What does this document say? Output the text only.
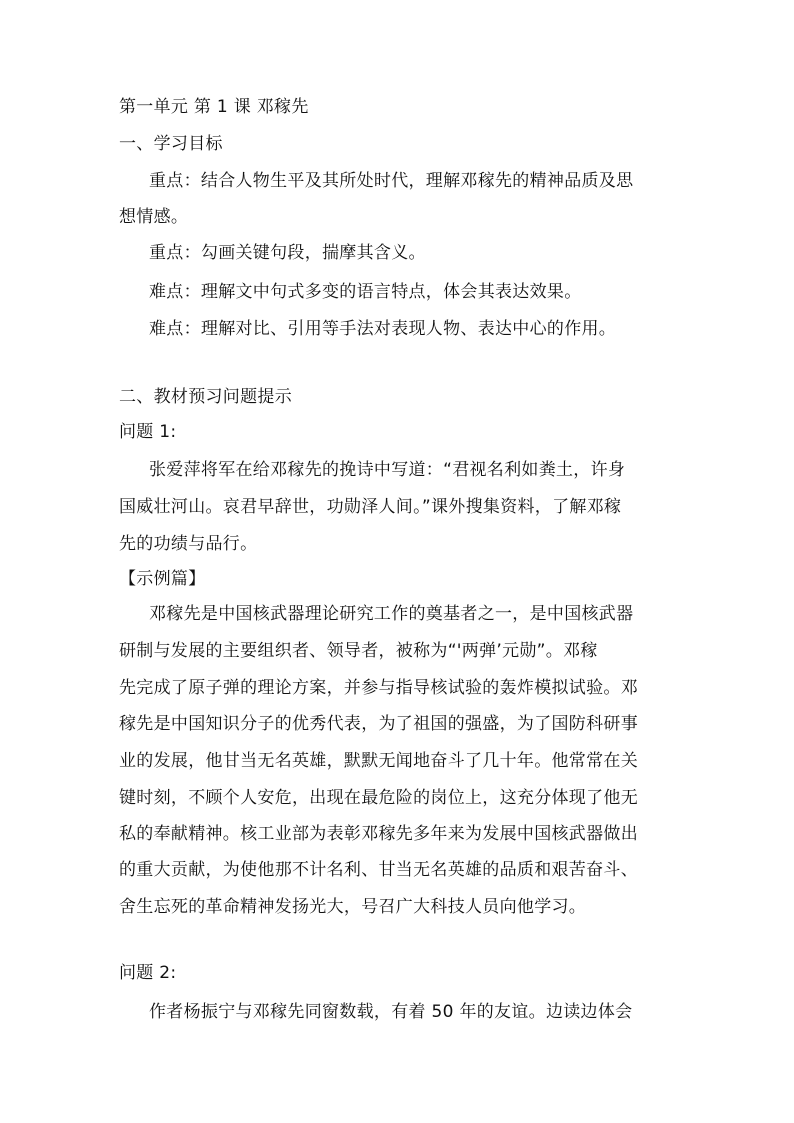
第一单元 第 1 课 邓稼先
一、学习目标
重点：结合人物生平及其所处时代，理解邓稼先的精神品质及思
想情感。
重点：勾画关键句段，揣摩其含义。
难点：理解文中句式多变的语言特点，体会其表达效果。
难点：理解对比、引用等手法对表现人物、表达中心的作用。
二、教材预习问题提示
问题 1:
张爱萍将军在给邓稼先的挽诗中写道：“君视名利如粪土，许身
国威壮河山。哀君早辞世，功勋泽人间。”课外搜集资料，了解邓稼
先的功绩与品行。
【示例篇】
邓稼先是中国核武器理论研究工作的奠基者之一，是中国核武器
研制与发展的主要组织者、领导者，被称为“'两弹’元勋”。邓稼
先完成了原子弹的理论方案，并参与指导核试验的轰炸模拟试验。邓
稼先是中国知识分子的优秀代表，为了祖国的强盛，为了国防科研事
业的发展，他甘当无名英雄，默默无闻地奋斗了几十年。他常常在关
键时刻，不顾个人安危，出现在最危险的岗位上，这充分体现了他无
私的奉献精神。核工业部为表彰邓稼先多年来为发展中国核武器做出
的重大贡献，为使他那不计名利、甘当无名英雄的品质和艰苦奋斗、
舍生忘死的革命精神发扬光大，号召广大科技人员向他学习。
问题 2:
作者杨振宁与邓稼先同窗数载，有着 50 年的友谊。边读边体会
